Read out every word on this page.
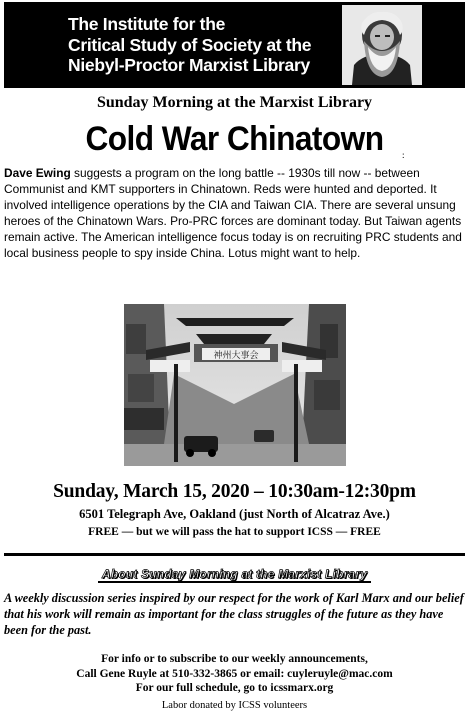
The Institute for the
Critical Study of Society at the
Niebyl-Proctor Marxist Library
Sunday Morning at the Marxist Library
Cold War Chinatown	:
Dave Ewing suggests a program on the long battle -- 1930s till now -- between Communist and KMT supporters in Chinatown. Reds were hunted and deported. It involved intelligence operations by the CIA and Taiwan CIA. There are several unsung heroes of the Chinatown Wars. Pro-PRC forces are dominant today. But Taiwan agents remain active. The American intelligence focus today is on recruiting PRC students and local business people to spy inside China. Lotus might want to help.
神州大事会
Sunday, March 15, 2020 – 10:30am-12:30pm
6501 Telegraph Ave, Oakland (just North of Alcatraz Ave.)
FREE — but we will pass the hat to support ICSS — FREE
About Sunday Morning at the Marxist Library
A weekly discussion series inspired by our respect for the work of Karl Marx and our belief that his work will remain as important for the class struggles of the future as they have been for the past.
For info or to subscribe to our weekly announcements,
Call Gene Ruyle at 510-332-3865 or email: cuyleruyle@mac.com
For our full schedule, go to icssmarx.org
Labor donated by ICSS volunteers
